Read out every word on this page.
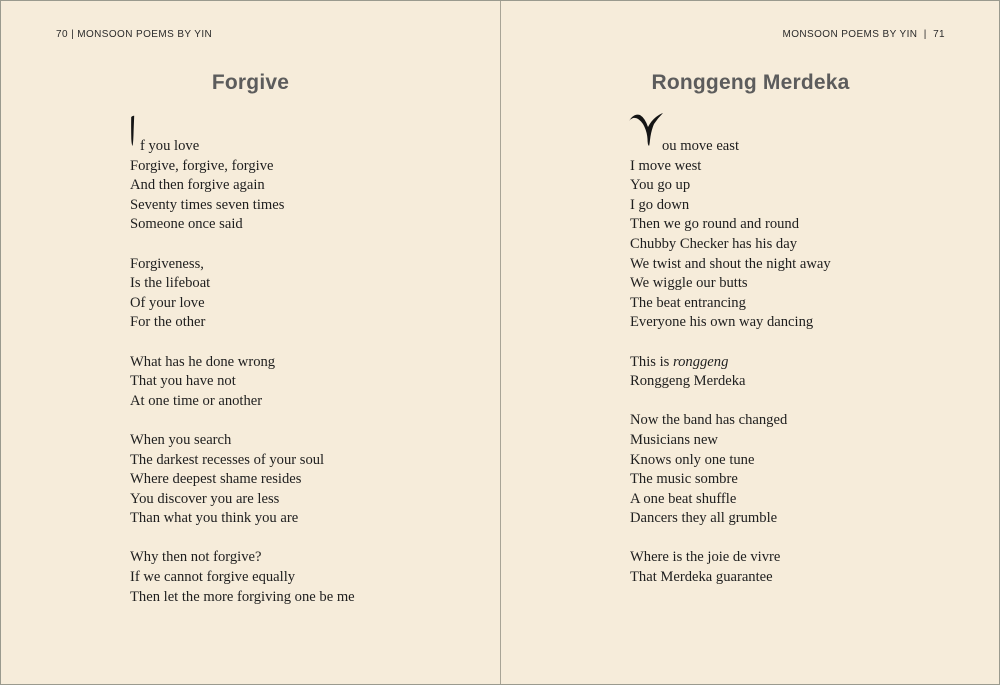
70 | MONSOON POEMS BY YIN
Forgive
f you love
Forgive, forgive, forgive
And then forgive again
Seventy times seven times
Someone once said
Forgiveness,
Is the lifeboat
Of your love
For the other
What has he done wrong
That you have not
At one time or another
When you search
The darkest recesses of your soul
Where deepest shame resides
You discover you are less
Than what you think you are
Why then not forgive?
If we cannot forgive equally
Then let the more forgiving one be me
MONSOON POEMS BY YIN  |  71
Ronggeng Merdeka
ou move east
I move west
You go up
I go down
Then we go round and round
Chubby Checker has his day
We twist and shout the night away
We wiggle our butts
The beat entrancing
Everyone his own way dancing
This is ronggeng
Ronggeng Merdeka
Now the band has changed
Musicians new
Knows only one tune
The music sombre
A one beat shuffle
Dancers they all grumble
Where is the joie de vivre
That Merdeka guarantee
